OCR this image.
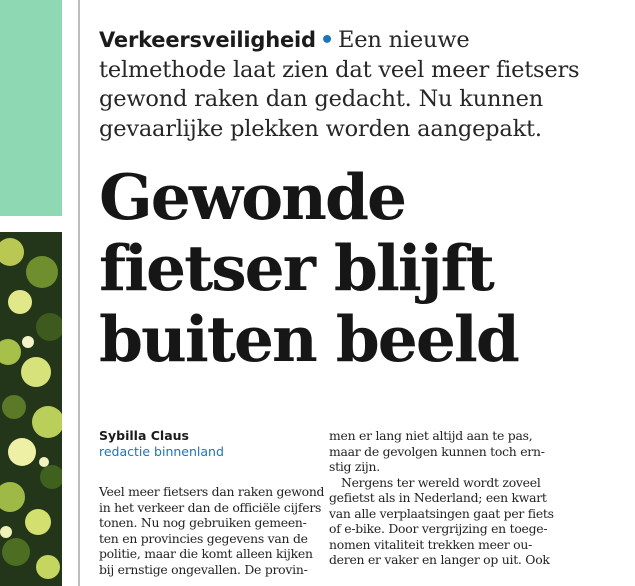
Verkeersveiligheid • Een nieuwe
telmethode laat zien dat veel meer fietsers
gewond raken dan gedacht. Nu kunnen
gevaarlijke plekken worden aangepakt.
Gewonde
fietser blijft
buiten beeld
Sybilla Claus
redactie binnenland

Veel meer fietsers dan raken gewond
in het verkeer dan de officiële cijfers
tonen. Nu nog gebruiken gemeen-
ten en provincies gegevens van de
politie, maar die komt alleen kijken
bij ernstige ongevallen. De provin-

men er lang niet altijd aan te pas,
maar de gevolgen kunnen toch ern-
stig zijn.

Nergens ter wereld wordt zoveel
gefietst als in Nederland; een kwart
van alle verplaatsingen gaat per fiets
of e-bike. Door vergrijzing en toege-
nomen vitaliteit trekken meer ou-
deren er vaker en langer op uit. Ook
